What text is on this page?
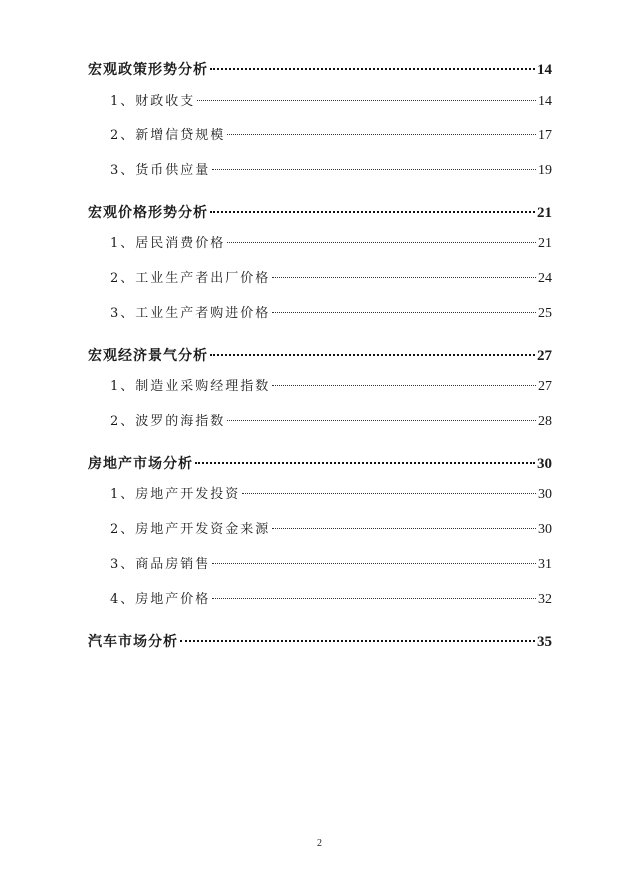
宏观政策形势分析	14
1、财政收支	14
2、新增信贷规模	17
3、货币供应量	19
宏观价格形势分析	21
1、居民消费价格	21
2、工业生产者出厂价格	24
3、工业生产者购进价格	25
宏观经济景气分析	27
1、制造业采购经理指数	27
2、波罗的海指数	28
房地产市场分析	30
1、房地产开发投资	30
2、房地产开发资金来源	30
3、商品房销售	31
4、房地产价格	32
汽车市场分析	35
2
